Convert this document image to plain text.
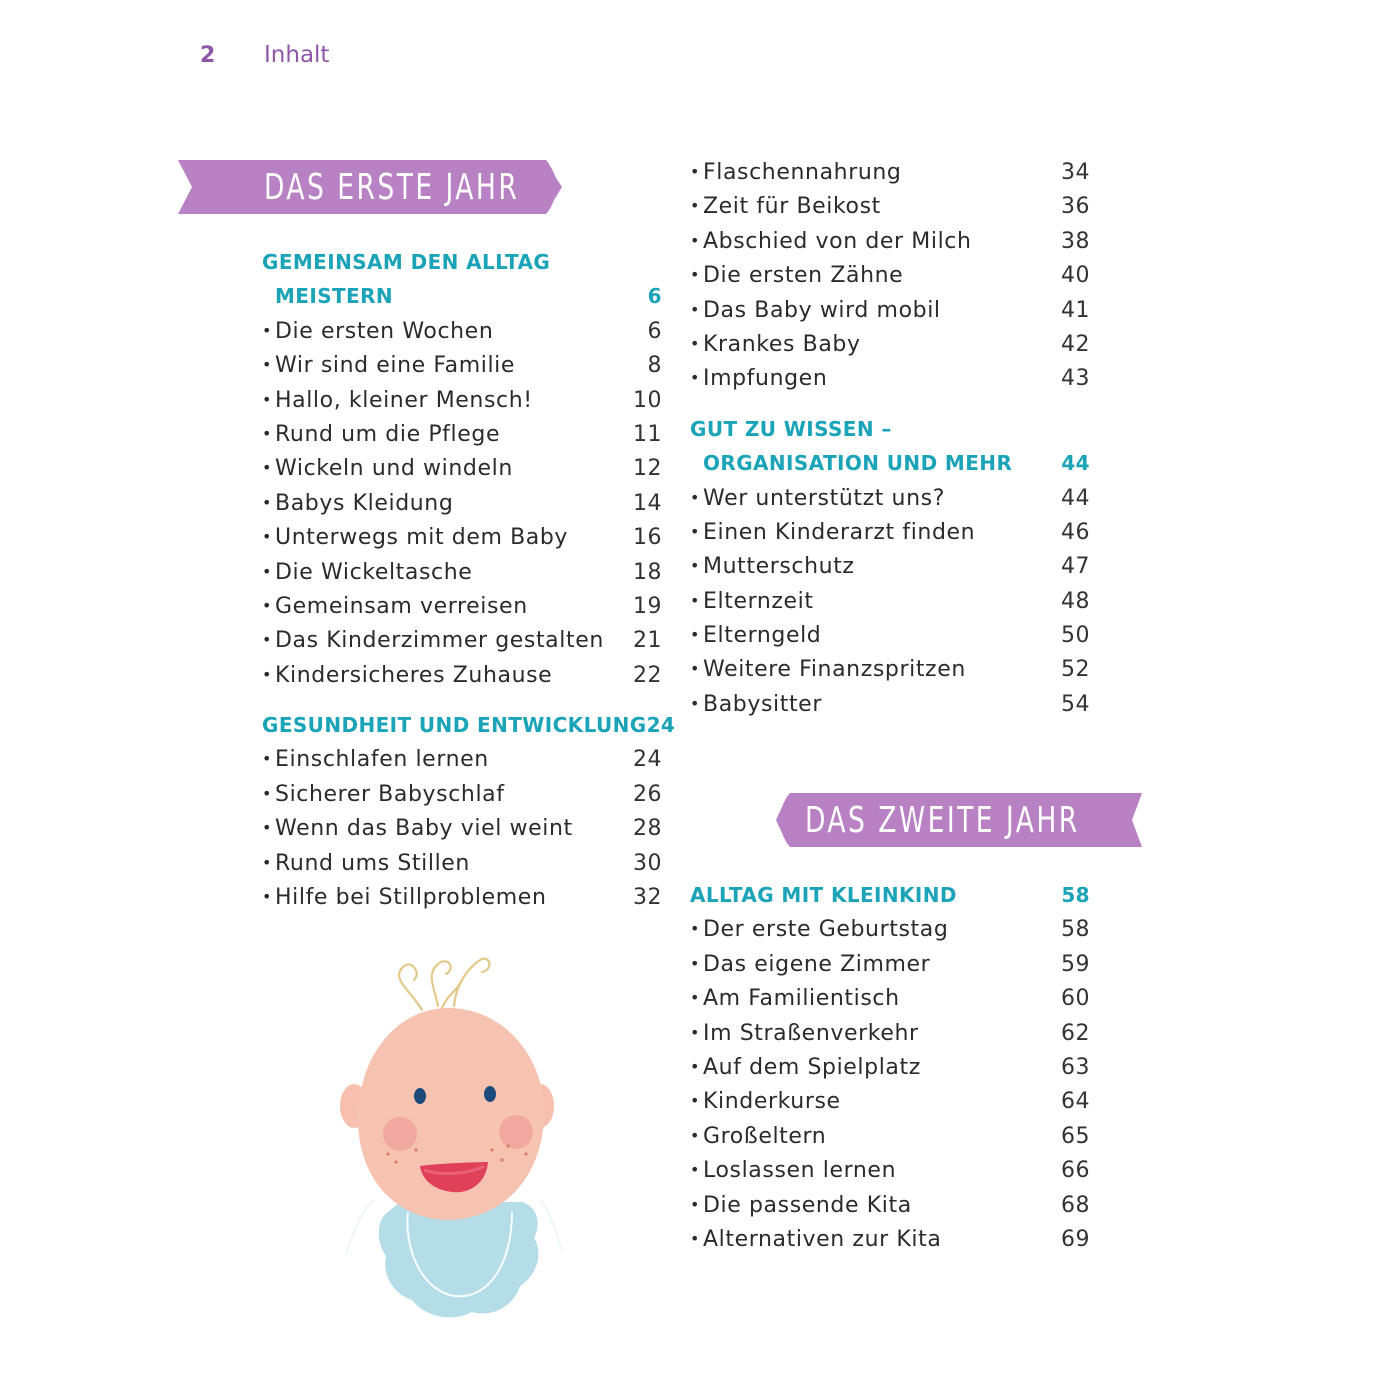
2	Inhalt
DAS ERSTE JAHR
GEMEINSAM DEN ALLTAG
MEISTERN	6
• Die ersten Wochen	6
• Wir sind eine Familie	8
• Hallo, kleiner Mensch!	10
• Rund um die Pflege	11
• Wickeln und windeln	12
• Babys Kleidung	14
• Unterwegs mit dem Baby	16
• Die Wickeltasche	18
• Gemeinsam verreisen	19
• Das Kinderzimmer gestalten 21
• Kindersicheres Zuhause	22
GESUNDHEIT UND ENTWICKLUNG 24
• Einschlafen lernen	24
• Sicherer Babyschlaf	26
• Wenn das Baby viel weint	28
• Rund ums Stillen	30
• Hilfe bei Stillproblemen	32
• Flaschennahrung	34
• Zeit für Beikost	36
• Abschied von der Milch	38
• Die ersten Zähne	40
• Das Baby wird mobil	41
• Krankes Baby	42
• Impfungen	43
GUT ZU WISSEN –
ORGANISATION UND MEHR 44
• Wer unterstützt uns?	44
• Einen Kinderarzt finden	46
• Mutterschutz	47
• Elternzeit	48
• Elterngeld	50
• Weitere Finanzspritzen	52
• Babysitter	54
DAS ZWEITE JAHR
ALLTAG MIT KLEINKIND	58
• Der erste Geburtstag	58
• Das eigene Zimmer	59
• Am Familientisch	60
• Im Straßenverkehr	62
• Auf dem Spielplatz	63
• Kinderkurse	64
• Großeltern	65
• Loslassen lernen	66
• Die passende Kita	68
• Alternativen zur Kita	69
